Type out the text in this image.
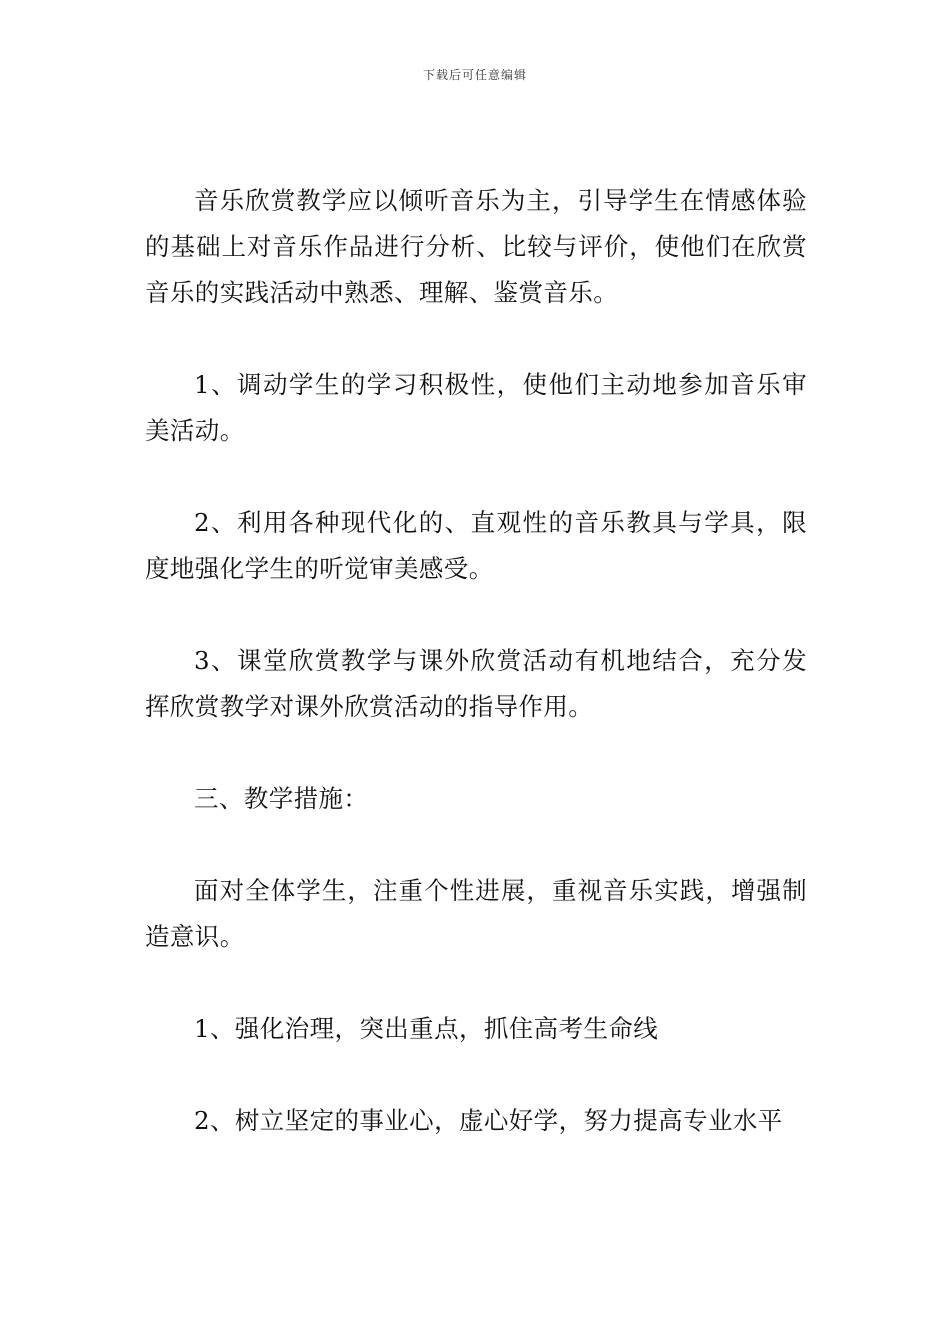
下载后可任意编辑

音乐欣赏教学应以倾听音乐为主，引导学生在情感体验的基础上对音乐作品进行分析、比较与评价，使他们在欣赏音乐的实践活动中熟悉、理解、鉴赏音乐。

1、调动学生的学习积极性，使他们主动地参加音乐审美活动。

2、利用各种现代化的、直观性的音乐教具与学具，限度地强化学生的听觉审美感受。

3、课堂欣赏教学与课外欣赏活动有机地结合，充分发挥欣赏教学对课外欣赏活动的指导作用。

三、教学措施：

面对全体学生，注重个性进展，重视音乐实践，增强制造意识。

1、强化治理，突出重点，抓住高考生命线

2、树立坚定的事业心，虚心好学，努力提高专业水平
